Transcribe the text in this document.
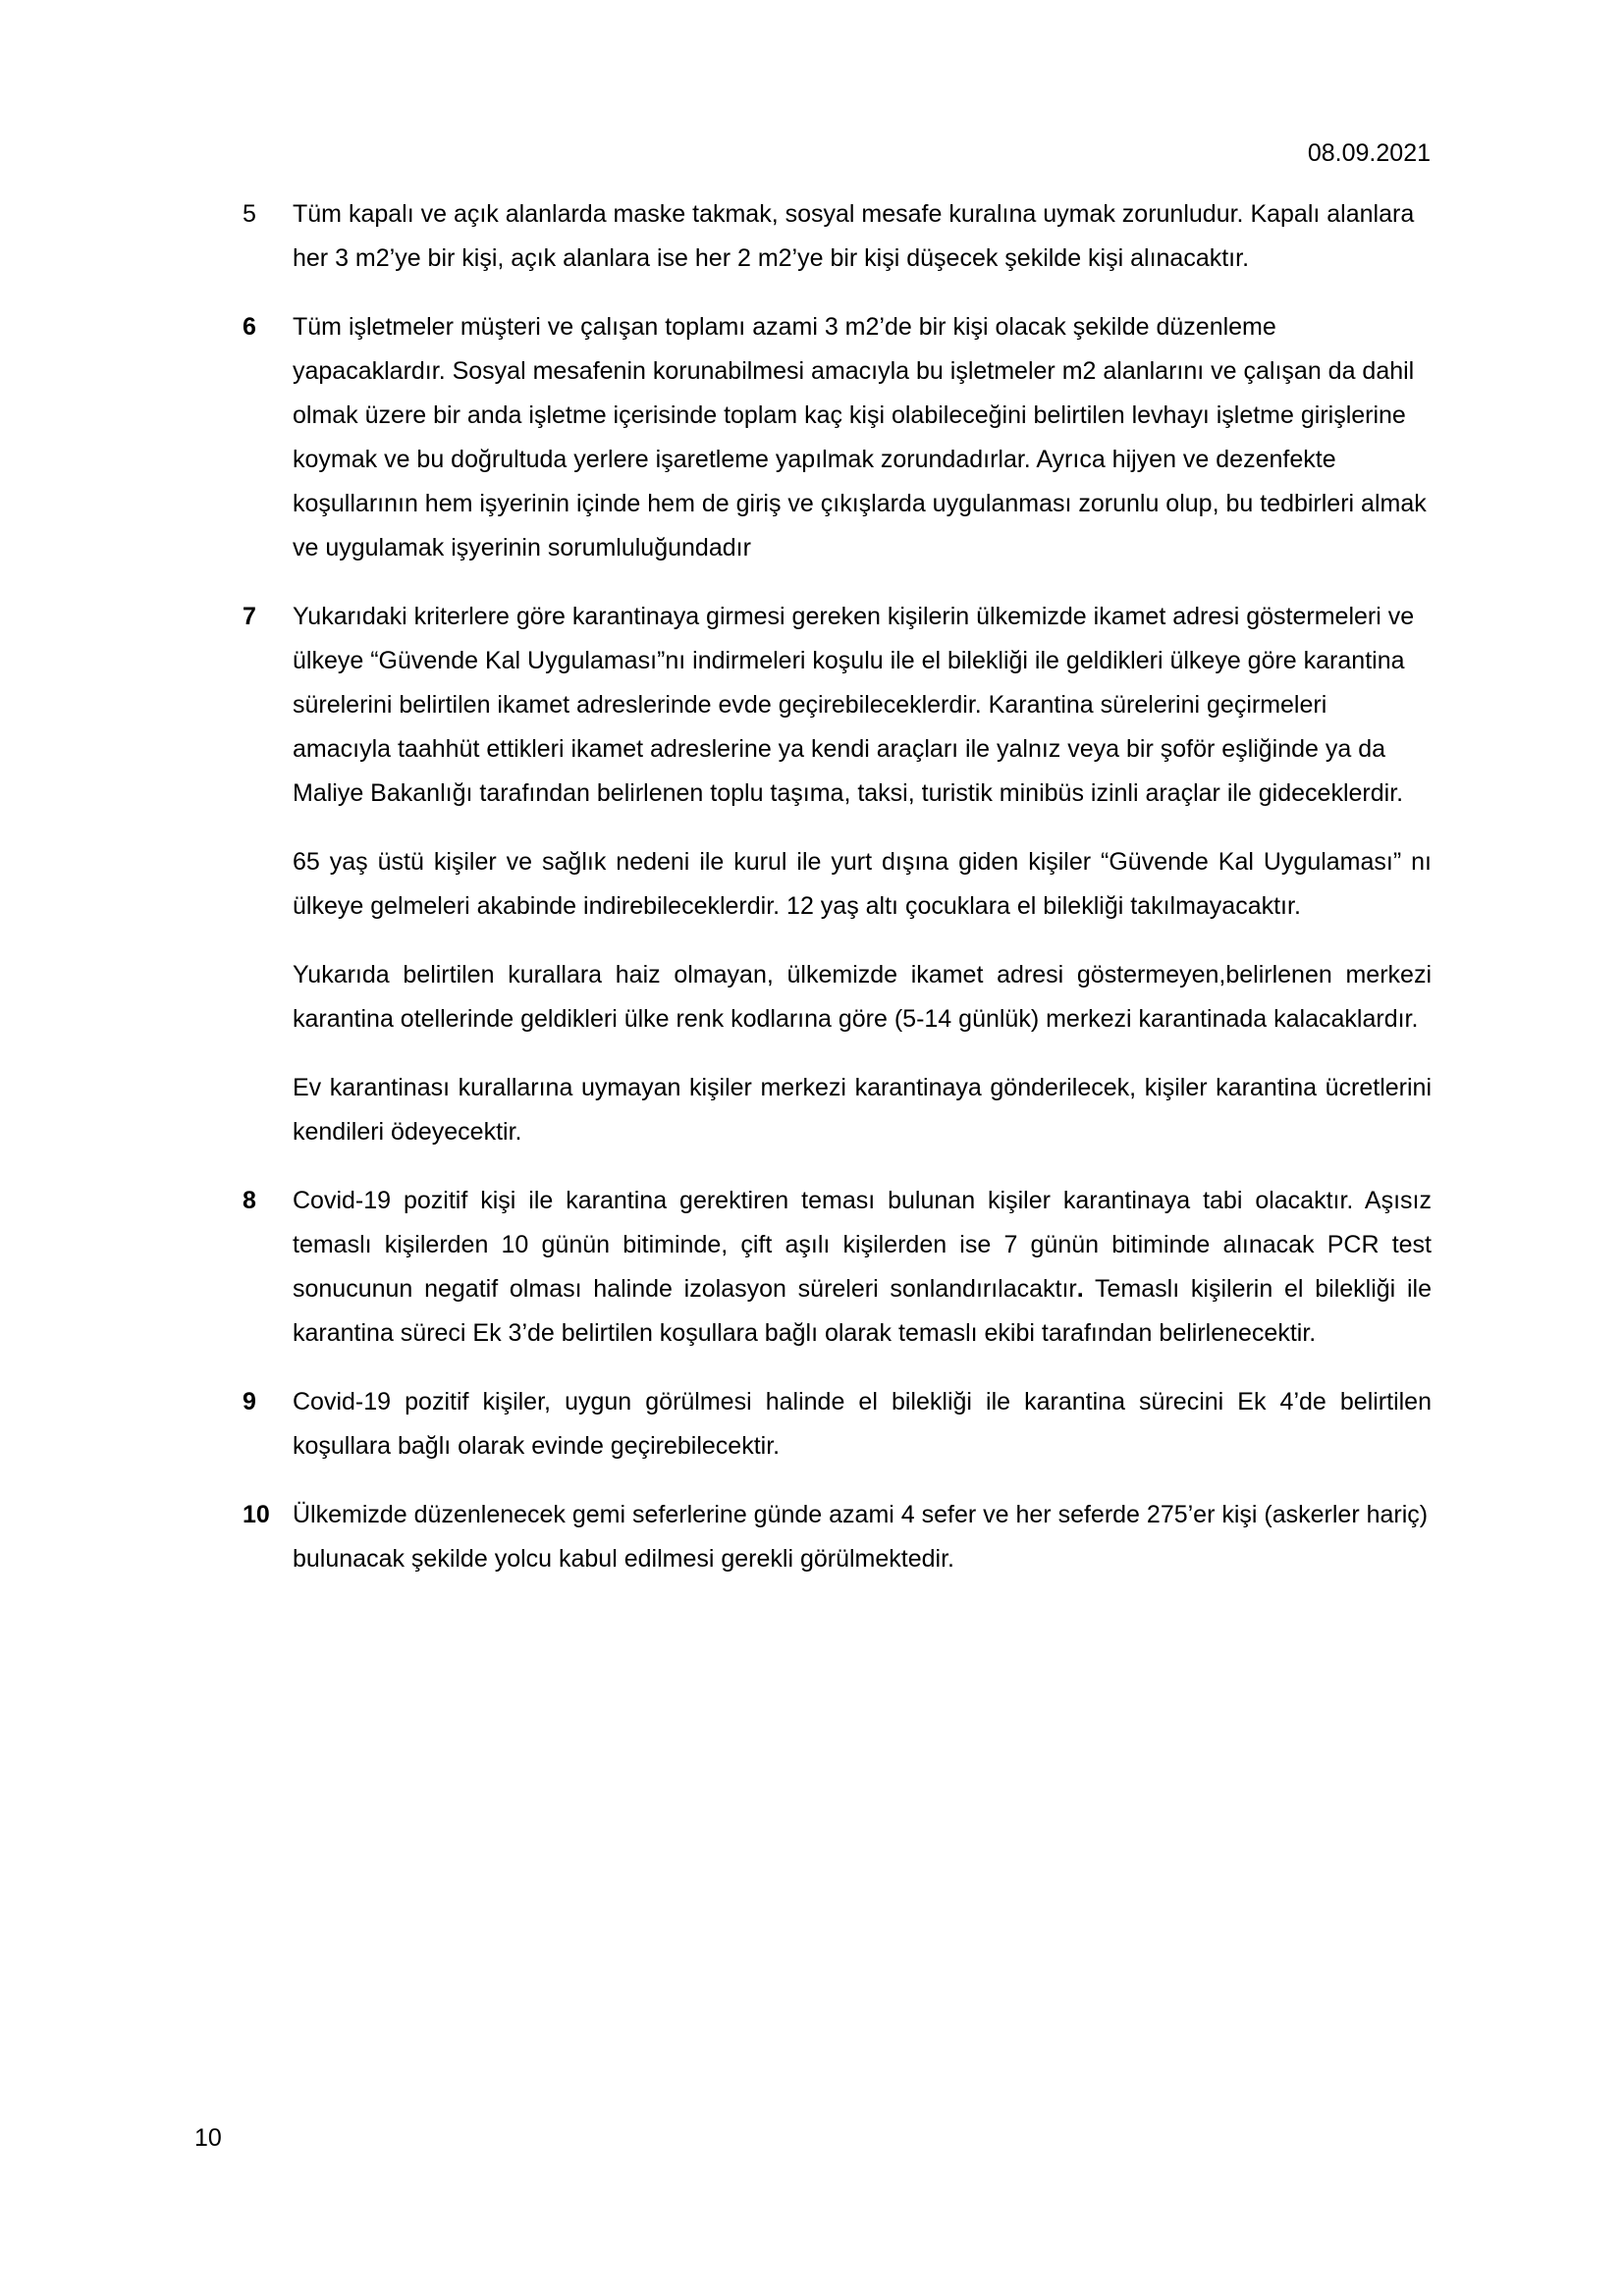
08.09.2021
5	Tüm kapalı ve açık alanlarda maske takmak, sosyal mesafe kuralına uymak zorunludur. Kapalı alanlara her 3 m2’ye bir kişi, açık alanlara ise her 2 m2’ye bir kişi düşecek şekilde kişi alınacaktır.

6	Tüm işletmeler müşteri ve çalışan toplamı azami 3 m2’de bir kişi olacak şekilde düzenleme yapacaklardır. Sosyal mesafenin korunabilmesi amacıyla bu işletmeler m2 alanlarını ve çalışan da dahil olmak üzere bir anda işletme içerisinde toplam kaç kişi olabileceğini belirtilen levhayı işletme girişlerine koymak ve bu doğrultuda yerlere işaretleme yapılmak zorundadırlar. Ayrıca hijyen ve dezenfekte koşullarının hem işyerinin içinde hem de giriş ve çıkışlarda uygulanması zorunlu olup, bu tedbirleri almak ve uygulamak işyerinin sorumluluğundadır

7	Yukarıdaki kriterlere göre karantinaya girmesi gereken kişilerin ülkemizde ikamet adresi göstermeleri ve ülkeye “Güvende Kal Uygulaması”nı indirmeleri koşulu ile el bilekliği ile geldikleri ülkeye göre karantina sürelerini belirtilen ikamet adreslerinde evde geçirebileceklerdir. Karantina sürelerini geçirmeleri amacıyla taahhüt ettikleri ikamet adreslerine ya kendi araçları ile yalnız veya bir şoför eşliğinde ya da Maliye Bakanlığı tarafından belirlenen toplu taşıma, taksi, turistik minibüs izinli araçlar ile gideceklerdir.

65 yaş üstü kişiler ve sağlık nedeni ile kurul ile yurt dışına giden kişiler “Güvende Kal Uygulaması” nı ülkeye gelmeleri akabinde indirebileceklerdir. 12 yaş altı çocuklara el bilekliği takılmayacaktır.

Yukarıda belirtilen kurallara haiz olmayan, ülkemizde ikamet adresi göstermeyen,belirlenen merkezi karantina otellerinde geldikleri ülke renk kodlarına göre (5-14 günlük) merkezi karantinada kalacaklardır.

Ev karantinası kurallarına uymayan kişiler merkezi karantinaya gönderilecek, kişiler karantina ücretlerini kendileri ödeyecektir.

8	Covid-19 pozitif kişi ile karantina gerektiren teması bulunan kişiler karantinaya tabi olacaktır. Aşısız temaslı kişilerden 10 günün bitiminde, çift aşılı kişilerden ise 7 günün bitiminde alınacak PCR test sonucunun negatif olması halinde izolasyon süreleri sonlandırılacaktır. Temaslı kişilerin el bilekliği ile karantina süreci Ek 3’de belirtilen koşullara bağlı olarak temaslı ekibi tarafından belirlenecektir.

9	Covid-19 pozitif kişiler, uygun görülmesi halinde el bilekliği ile karantina sürecini Ek 4’de belirtilen koşullara bağlı olarak evinde geçirebilecektir.

10 Ülkemizde düzenlenecek gemi seferlerine günde azami 4 sefer ve her seferde 275’er kişi (askerler hariç) bulunacak şekilde yolcu kabul edilmesi gerekli görülmektedir.

10
